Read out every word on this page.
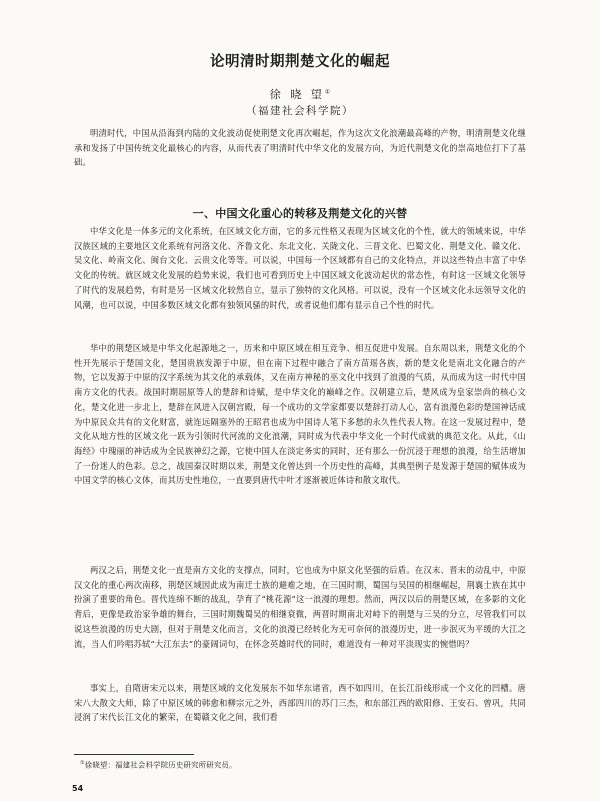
论明清时期荆楚文化的崛起
徐 晓 望①
（福建社会科学院）

明清时代，中国从沿海到内陆的文化波动促使荆楚文化再次崛起，作为这次文化浪潮最高峰的产物，明清荆楚文化继承和发扬了中国传统文化最核心的内容，从而代表了明清时代中华文化的发展方向，为近代荆楚文化的崇高地位打下了基础。

一、中国文化重心的转移及荆楚文化的兴替

中华文化是一体多元的文化系统，在区域文化方面，它的多元性格又表现为区域文化的个性，就大的领域来说，中华汉族区域的主要地区文化系统有河洛文化、齐鲁文化、东北文化、关陇文化、三晋文化、巴蜀文化、荆楚文化、赣文化、吴文化、岭南文化、闽台文化、云贵文化等等。可以说，中国每一个区域都有自己的文化特点，并以这些特点丰富了中华文化的传统。就区域文化发展的趋势来说，我们也可看到历史上中国区域文化波动起伏的常态性，有时这一区域文化领导了时代的发展趋势，有时是另一区域文化较然自立，显示了独特的文化风格。可以说，没有一个区域文化永远领导文化的风潮，也可以说，中国多数区域文化都有独领风骚的时代，或者说他们都有显示自己个性的时代。

华中的荆楚区域是中华文化起源地之一，历来和中原区域在相互竞争、相互促进中发展。自东周以来，荆楚文化的个性开先展示于楚国文化，楚国贵族发源于中原，但在南下过程中融合了南方苗瑶各族，新的楚文化是南北文化融合的产物，它以发源于中原的汉字系统为其文化的承载体，又在南方神秘的巫文化中找到了浪漫的气质，从而成为这一时代中国南方文化的代表。战国时期屈原等人的楚辞和诗赋，是中华文化的巅峰之作。汉朝建立后，楚风成为皇家崇尚的核心文化，楚文化进一步北上，楚辞在风进入汉朝宫殿，每一个成功的文学家都要以楚辞打动人心，富有浪漫色彩的楚国神话成为中原民众共有的文化财富，就连远隔塞外的王昭君也成为中国诗人笔下多愁的永久性代表人物。在这一发展过程中，楚文化从地方性的区域文化一跃为引领时代河流的文化浪潮，同时成为代表中华文化一个时代成就的典范文化。从此，《山海经》中瑰丽的神话成为全民族神幻之源，它使中国人在淡定务实的同时，还有那么一份沉浸于理想的浪漫，给生活增加了一份迷人的色彩。总之，战国秦汉时期以来，荆楚文化曾达到一个历史性的高峰，其典型例子是发源于楚国的赋体成为中国文学的核心文体，而其历史性地位，一直要到唐代中叶才逐渐被近体诗和散文取代。

两汉之后，荆楚文化一直是南方文化的支撑点，同时，它也成为中原文化坚强的后盾。在汉末、晋末的动乱中，中原汉文化的重心两次南移，荆楚区域因此成为南迁士族的避难之地，在三国时期，蜀国与吴国的相继崛起，荆襄士族在其中扮演了重要的角色。晋代连绵不断的战乱，孕育了“桃花源”这一浪漫的理想。然而，两汉以后的荆楚区域，在多影的文化背后，更像是政治家争雄的舞台，三国时期魏蜀吴的相继衰微，两晋时期南北对峙下的荆楚与三吴的分立，尽管我们可以说这些浪漫的历史大剧，但对于荆楚文化而言，文化的浪漫已经转化为无可奈何的浪漫历史，进一步泯灭为平缓的大江之流，当人们吟唱苏轼“大江东去”的豪阔词句，在怀念英雄时代的同时，难道没有一种对平淡现实的惋惜吗？

事实上，自隋唐宋元以来，荆楚区域的文化发展东不如华东诸省，西不如四川，在长江沿线形成一个文化的凹槽。唐宋八大散文大师，除了中原区域的韩愈和柳宗元之外，西部四川的苏门三杰，和东部江西的欧阳修、王安石、曾巩，共同浸润了宋代长江文化的繁荣，在蜀赣文化之间，我们看

①徐晓望：福建社会科学院历史研究所研究员。
54
